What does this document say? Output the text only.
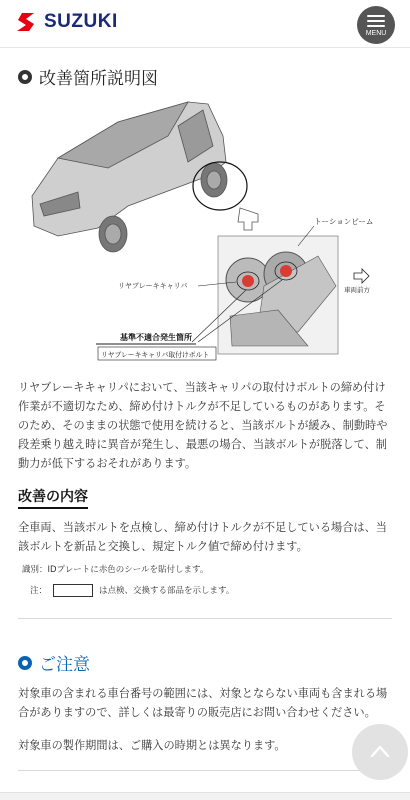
SUZUKI
MENU
改善箇所説明図
トーションビーム
リヤブレーキキャリパ	車両前方
基準不適合発生箇所
リヤブレーキキャリパ取付けボルト

リヤブレーキキャリパにおいて、当該キャリパの取付けボルトの締め付け作業が不適切なため、締め付けトルクが不足しているものがあります。そのため、そのままの状態で使用を続けると、当該ボルトが緩み、制動時や段差乗り越え時に異音が発生し、最悪の場合、当該ボルトが脱落して、制動力が低下するおそれがあります。

改善の内容

全車両、当該ボルトを点検し、締め付けトルクが不足している場合は、当該ボルトを新品と交換し、規定トルク値で締め付けます。

識別：IDプレートに赤色のシールを貼付します。
注：	は点検、交換する部品を示します。
ご注意

対象車の含まれる車台番号の範囲には、対象とならない車両も含まれる場合がありますので、詳しくは最寄りの販売店にお問い合わせください。

対象車の製作期間は、ご購入の時期とは異なります。
